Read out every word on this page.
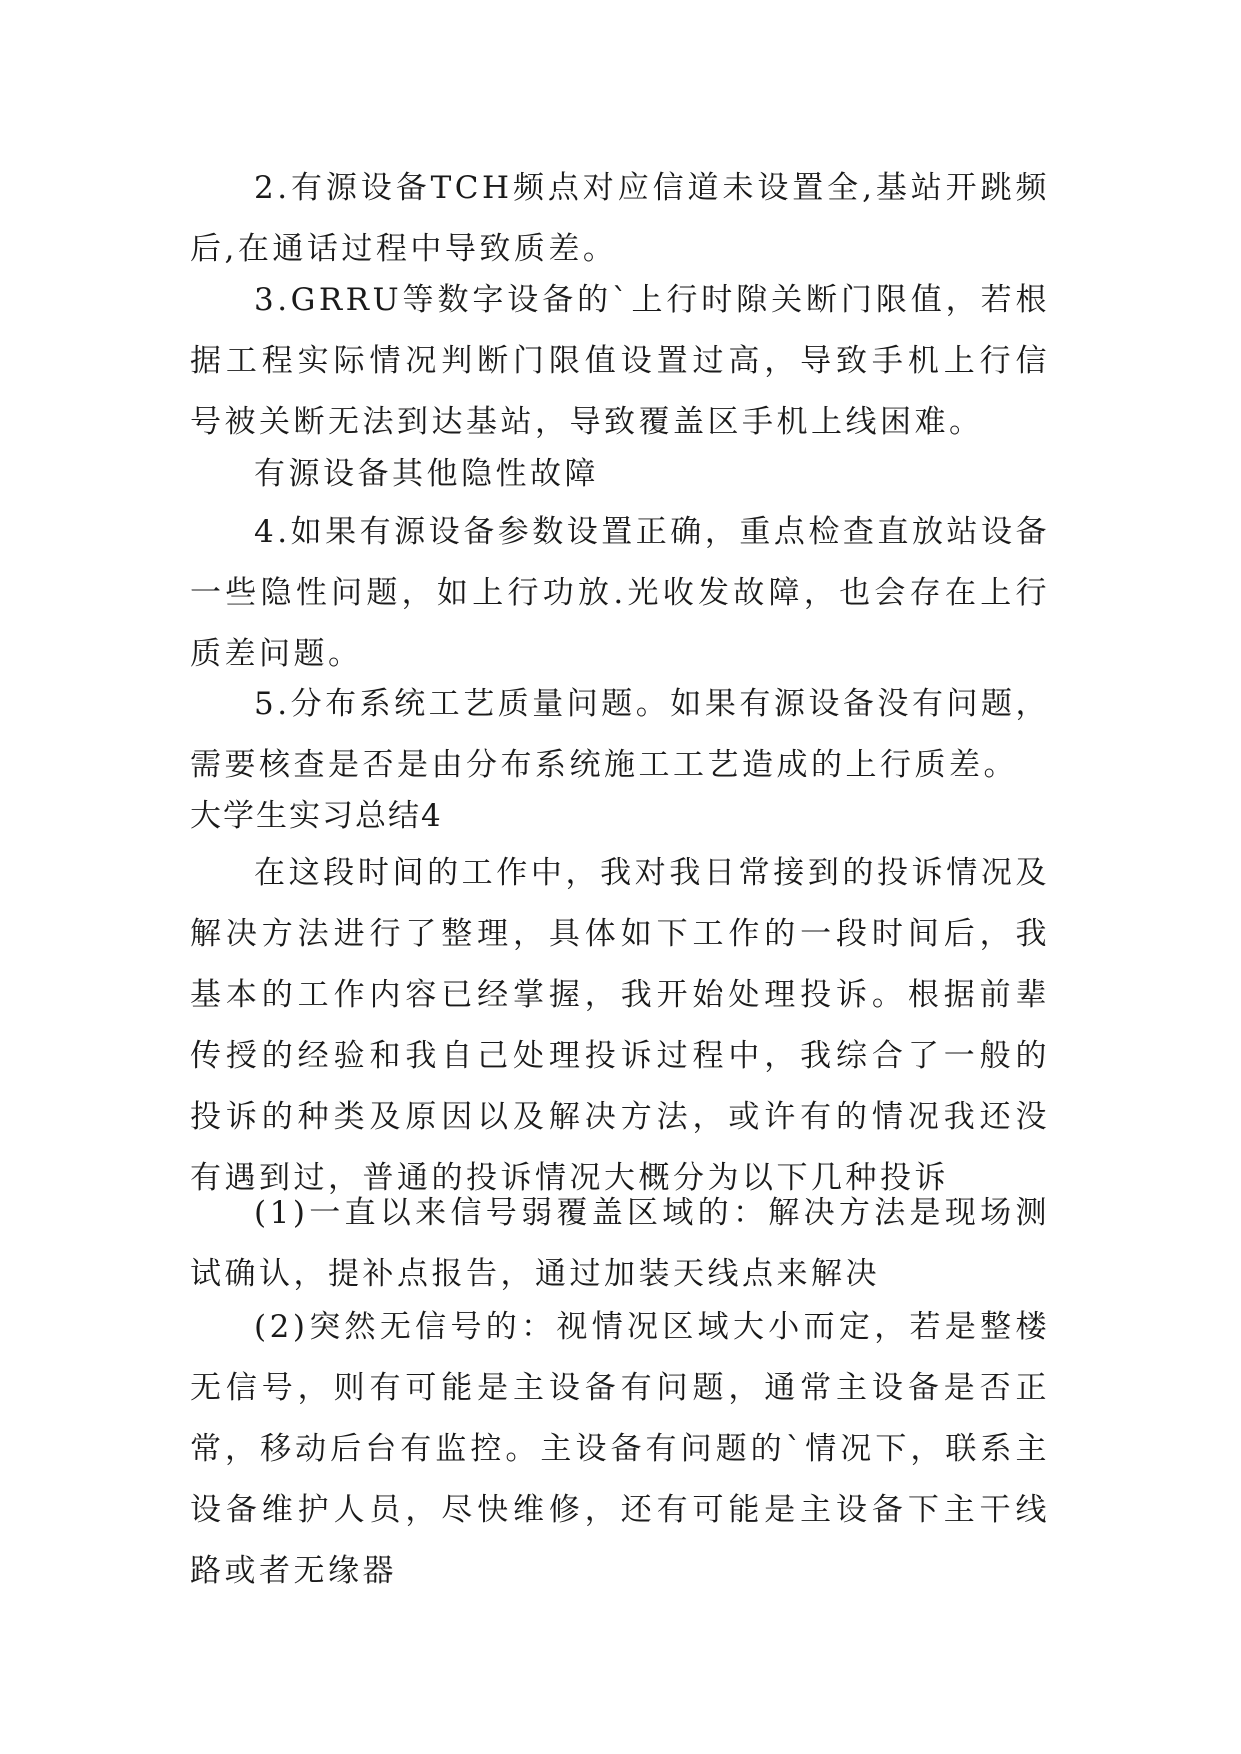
2.有源设备TCH频点对应信道未设置全,基站开跳频后,在通话过程中导致质差。

3.GRRU等数字设备的`上行时隙关断门限值，若根据工程实际情况判断门限值设置过高，导致手机上行信号被关断无法到达基站，导致覆盖区手机上线困难。

有源设备其他隐性故障

4.如果有源设备参数设置正确，重点检查直放站设备一些隐性问题，如上行功放.光收发故障，也会存在上行质差问题。

5.分布系统工艺质量问题。如果有源设备没有问题，需要核查是否是由分布系统施工工艺造成的上行质差。

大学生实习总结4

在这段时间的工作中，我对我日常接到的投诉情况及解决方法进行了整理，具体如下工作的一段时间后，我基本的工作内容已经掌握，我开始处理投诉。根据前辈传授的经验和我自己处理投诉过程中，我综合了一般的投诉的种类及原因以及解决方法，或许有的情况我还没有遇到过，普通的投诉情况大概分为以下几种投诉

(1)一直以来信号弱覆盖区域的：解决方法是现场测试确认，提补点报告，通过加装天线点来解决

(2)突然无信号的：视情况区域大小而定，若是整楼无信号，则有可能是主设备有问题，通常主设备是否正常，移动后台有监控。主设备有问题的`情况下，联系主设备维护人员，尽快维修，还有可能是主设备下主干线路或者无缘器
